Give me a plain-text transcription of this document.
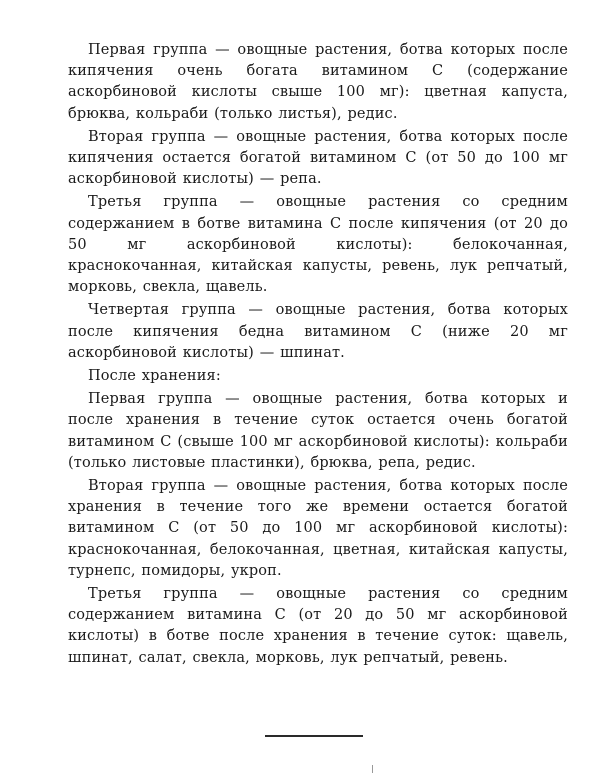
Первая группа — овощные растения, ботва которых после кипячения очень богата витамином С (содержание аскорбиновой кислоты свыше 100 мг): цветная капуста, брюква, кольраби (только листья), редис.

Вторая группа — овощные растения, ботва которых после кипячения остается богатой витамином С (от 50 до 100 мг аскорбиновой кислоты) — репа.

Третья группа — овощные растения со средним содержанием в ботве витамина С после кипячения (от 20 до 50 мг аскорбиновой кислоты): белокочанная, краснокочанная, китайская капусты, ревень, лук репчатый, морковь, свекла, щавель.

Четвертая группа — овощные растения, ботва которых после кипячения бедна витамином С (ниже 20 мг аскорбиновой кислоты) — шпинат.

После хранения:

Первая группа — овощные растения, ботва которых и после хранения в течение суток остается очень богатой витамином С (свыше 100 мг аскорбиновой кислоты): кольраби (только листовые пластинки), брюква, репа, редис.

Вторая группа — овощные растения, ботва которых после хранения в течение того же времени остается богатой витамином С (от 50 до 100 мг аскорбиновой кислоты): краснокочанная, белокочанная, цветная, китайская капусты, турнепс, помидоры, укроп.

Третья группа — овощные растения со средним содержанием витамина С (от 20 до 50 мг аскорбиновой кислоты) в ботве после хранения в течение суток: щавель, шпинат, салат, свекла, морковь, лук репчатый, ревень.
